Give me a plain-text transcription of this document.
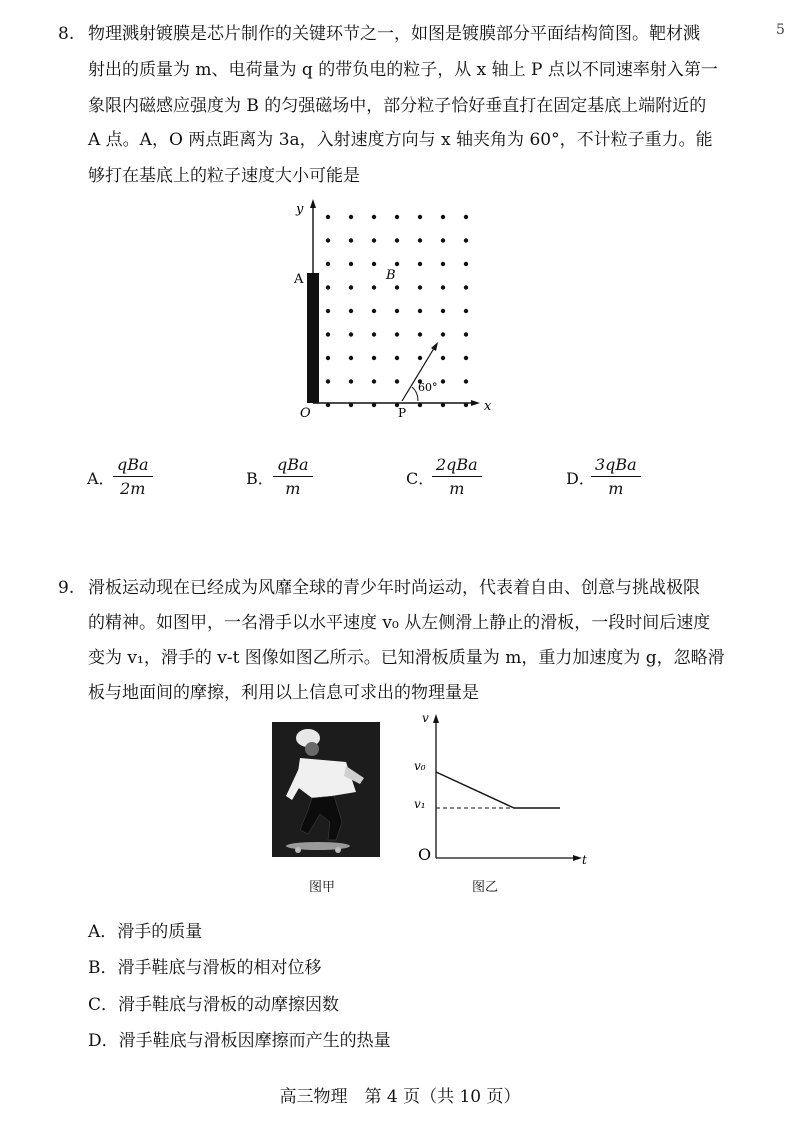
5
8. 物理溅射镀膜是芯片制作的关键环节之一，如图是镀膜部分平面结构简图。靶材溅
射出的质量为 m、电荷量为 q 的带负电的粒子，从 x 轴上 P 点以不同速率射入第一
象限内磁感应强度为 B 的匀强磁场中，部分粒子恰好垂直打在固定基底上端附近的
A 点。A，O 两点距离为 3a，入射速度方向与 x 轴夹角为 60°，不计粒子重力。能
够打在基底上的粒子速度大小可能是
y
x
A
O	P
B
60°
A．
qBa
2m
B．
qBa
m
C．
2qBa
m
D．
3qBa
m
9. 滑板运动现在已经成为风靡全球的青少年时尚运动，代表着自由、创意与挑战极限
的精神。如图甲，一名滑手以水平速度 v₀ 从左侧滑上静止的滑板，一段时间后速度
变为 v₁，滑手的 v-t 图像如图乙所示。已知滑板质量为 m，重力加速度为 g，忽略滑
板与地面间的摩擦，利用以上信息可求出的物理量是
图甲
v
v₀
v₁
O	t
图乙
A．滑手的质量
B．滑手鞋底与滑板的相对位移
C．滑手鞋底与滑板的动摩擦因数
D．滑手鞋底与滑板因摩擦而产生的热量
高三物理　第 4 页（共 10 页）
